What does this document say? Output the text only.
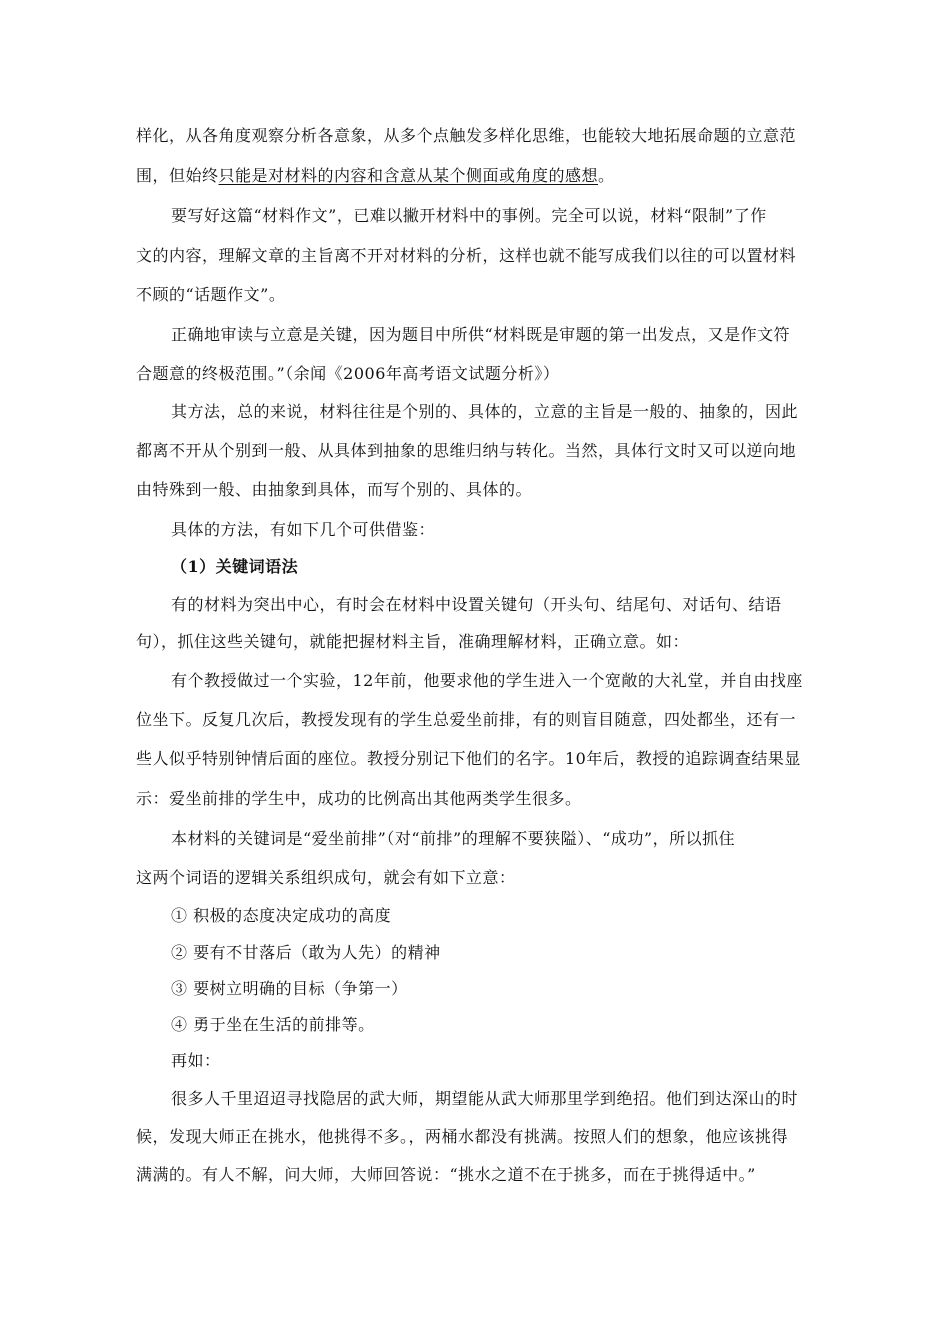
样化，从各角度观察分析各意象，从多个点触发多样化思维，也能较大地拓展命题的立意范
围，但始终只能是对材料的内容和含意从某个侧面或角度的感想。
要写好这篇“材料作文”，已难以撇开材料中的事例。完全可以说，材料“限制”了作
文的内容，理解文章的主旨离不开对材料的分析，这样也就不能写成我们以往的可以置材料
不顾的“话题作文”。
正确地审读与立意是关键，因为题目中所供“材料既是审题的第一出发点，又是作文符
合题意的终极范围。”（余闻《2006年高考语文试题分析》）
其方法，总的来说，材料往往是个别的、具体的，立意的主旨是一般的、抽象的，因此
都离不开从个别到一般、从具体到抽象的思维归纳与转化。当然，具体行文时又可以逆向地
由特殊到一般、由抽象到具体，而写个别的、具体的。
具体的方法，有如下几个可供借鉴：
（1）关键词语法
有的材料为突出中心，有时会在材料中设置关键句（开头句、结尾句、对话句、结语
句），抓住这些关键句，就能把握材料主旨，准确理解材料，正确立意。如：
有个教授做过一个实验，12年前，他要求他的学生进入一个宽敞的大礼堂，并自由找座
位坐下。反复几次后，教授发现有的学生总爱坐前排，有的则盲目随意，四处都坐，还有一
些人似乎特别钟情后面的座位。教授分别记下他们的名字。10年后，教授的追踪调查结果显
示：爱坐前排的学生中，成功的比例高出其他两类学生很多。
本材料的关键词是“爱坐前排”（对“前排”的理解不要狭隘）、“成功”，所以抓住
这两个词语的逻辑关系组织成句，就会有如下立意：
① 积极的态度决定成功的高度
② 要有不甘落后（敢为人先）的精神
③ 要树立明确的目标（争第一）
④ 勇于坐在生活的前排等。
再如：
很多人千里迢迢寻找隐居的武大师，期望能从武大师那里学到绝招。他们到达深山的时
候，发现大师正在挑水，他挑得不多。，两桶水都没有挑满。按照人们的想象，他应该挑得
满满的。有人不解，问大师，大师回答说：“挑水之道不在于挑多，而在于挑得适中。”
